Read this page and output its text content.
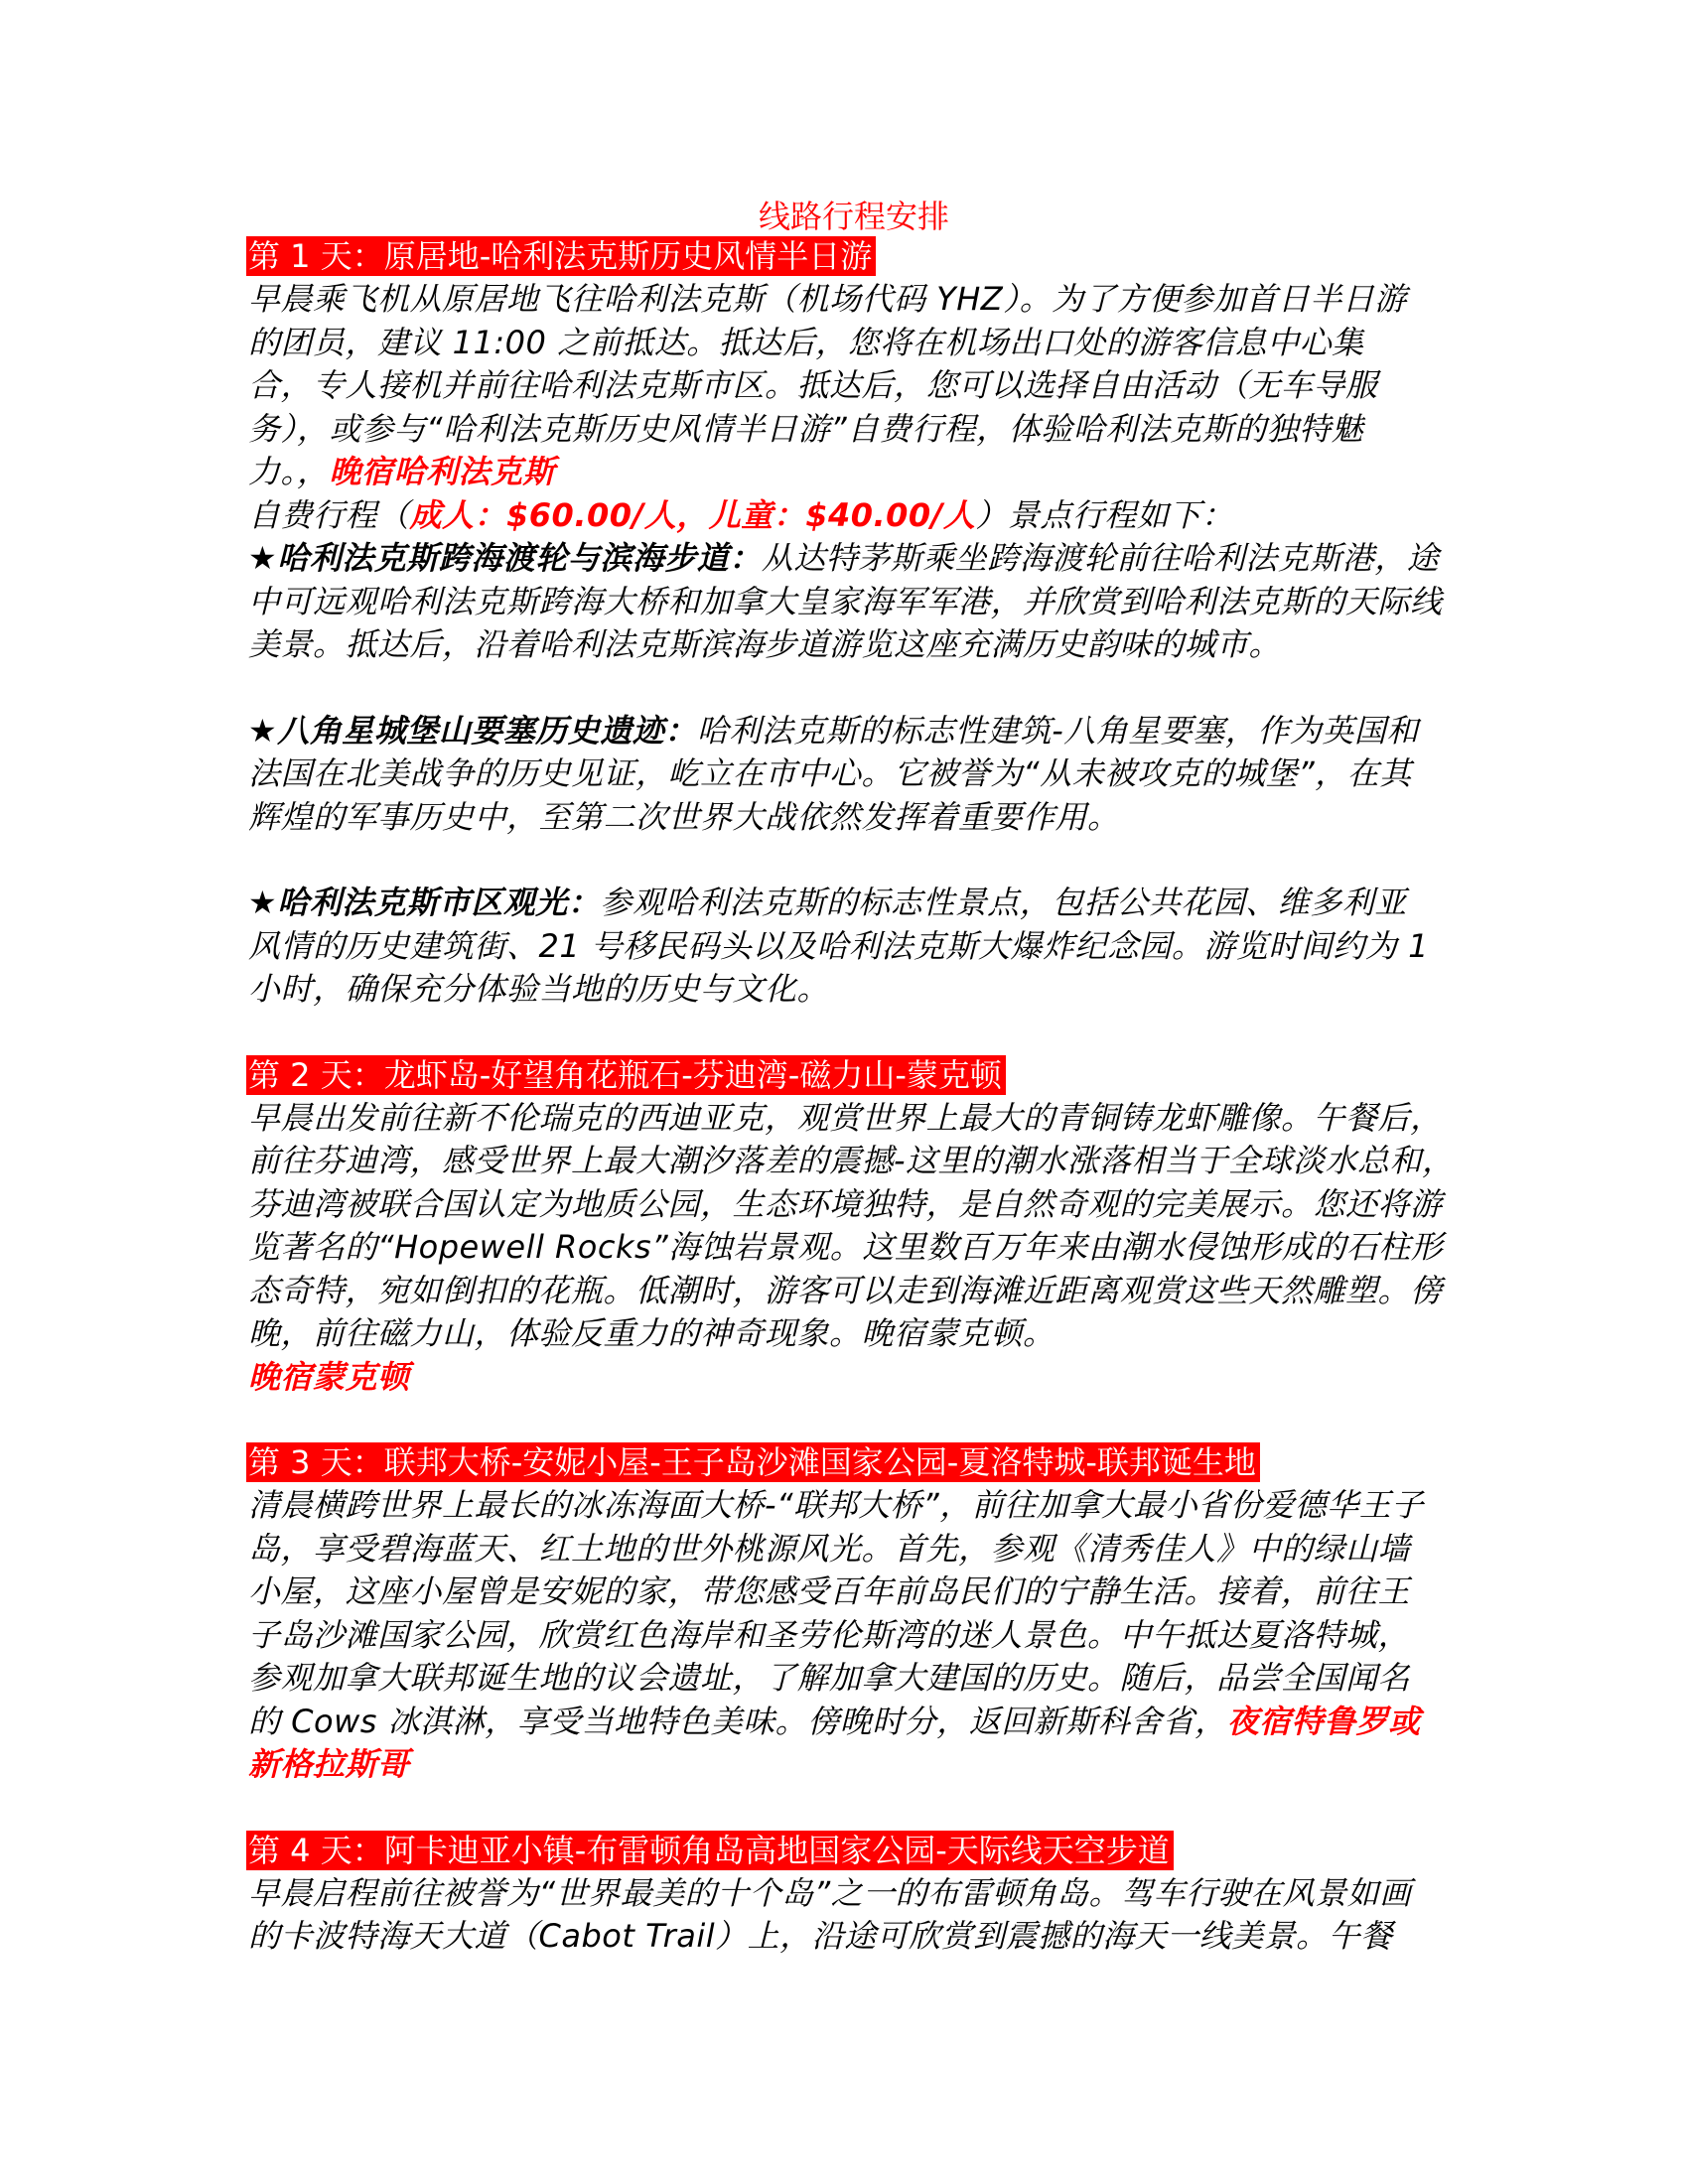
线路行程安排
第 1 天：原居地-哈利法克斯历史风情半日游

早晨乘飞机从原居地飞往哈利法克斯（机场代码 YHZ）。为了方便参加首日半日游的团员，建议 11:00 之前抵达。抵达后，您将在机场出口处的游客信息中心集合，专人接机并前往哈利法克斯市区。抵达后，您可以选择自由活动（无车导服务），或参与“哈利法克斯历史风情半日游”自费行程，体验哈利法克斯的独特魅力。，晚宿哈利法克斯

自费行程（成人：$60.00/人，儿童：$40.00/人）景点行程如下：

★哈利法克斯跨海渡轮与滨海步道：从达特茅斯乘坐跨海渡轮前往哈利法克斯港，途中可远观哈利法克斯跨海大桥和加拿大皇家海军军港，并欣赏到哈利法克斯的天际线美景。抵达后，沿着哈利法克斯滨海步道游览这座充满历史韵味的城市。

★八角星城堡山要塞历史遗迹：哈利法克斯的标志性建筑-八角星要塞，作为英国和法国在北美战争的历史见证，屹立在市中心。它被誉为“从未被攻克的城堡”，在其辉煌的军事历史中，至第二次世界大战依然发挥着重要作用。

★哈利法克斯市区观光：参观哈利法克斯的标志性景点，包括公共花园、维多利亚风情的历史建筑街、21 号移民码头以及哈利法克斯大爆炸纪念园。游览时间约为 1 小时，确保充分体验当地的历史与文化。

第 2 天：龙虾岛-好望角花瓶石-芬迪湾-磁力山-蒙克顿

早晨出发前往新不伦瑞克的西迪亚克，观赏世界上最大的青铜铸龙虾雕像。午餐后，前往芬迪湾，感受世界上最大潮汐落差的震撼-这里的潮水涨落相当于全球淡水总和，芬迪湾被联合国认定为地质公园，生态环境独特，是自然奇观的完美展示。您还将游览著名的“Hopewell Rocks”海蚀岩景观。这里数百万年来由潮水侵蚀形成的石柱形态奇特，宛如倒扣的花瓶。低潮时，游客可以走到海滩近距离观赏这些天然雕塑。傍晚，前往磁力山，体验反重力的神奇现象。晚宿蒙克顿。

晚宿蒙克顿

第 3 天：联邦大桥-安妮小屋-王子岛沙滩国家公园-夏洛特城-联邦诞生地

清晨横跨世界上最长的冰冻海面大桥-“联邦大桥”，前往加拿大最小省份爱德华王子岛，享受碧海蓝天、红土地的世外桃源风光。首先，参观《清秀佳人》中的绿山墙小屋，这座小屋曾是安妮的家，带您感受百年前岛民们的宁静生活。接着，前往王子岛沙滩国家公园，欣赏红色海岸和圣劳伦斯湾的迷人景色。中午抵达夏洛特城，参观加拿大联邦诞生地的议会遗址，了解加拿大建国的历史。随后，品尝全国闻名的 Cows 冰淇淋，享受当地特色美味。傍晚时分，返回新斯科舍省，夜宿特鲁罗或新格拉斯哥

第 4 天：阿卡迪亚小镇-布雷顿角岛高地国家公园-天际线天空步道

早晨启程前往被誉为“世界最美的十个岛”之一的布雷顿角岛。驾车行驶在风景如画的卡波特海天大道（Cabot Trail）上，沿途可欣赏到震撼的海天一线美景。午餐
